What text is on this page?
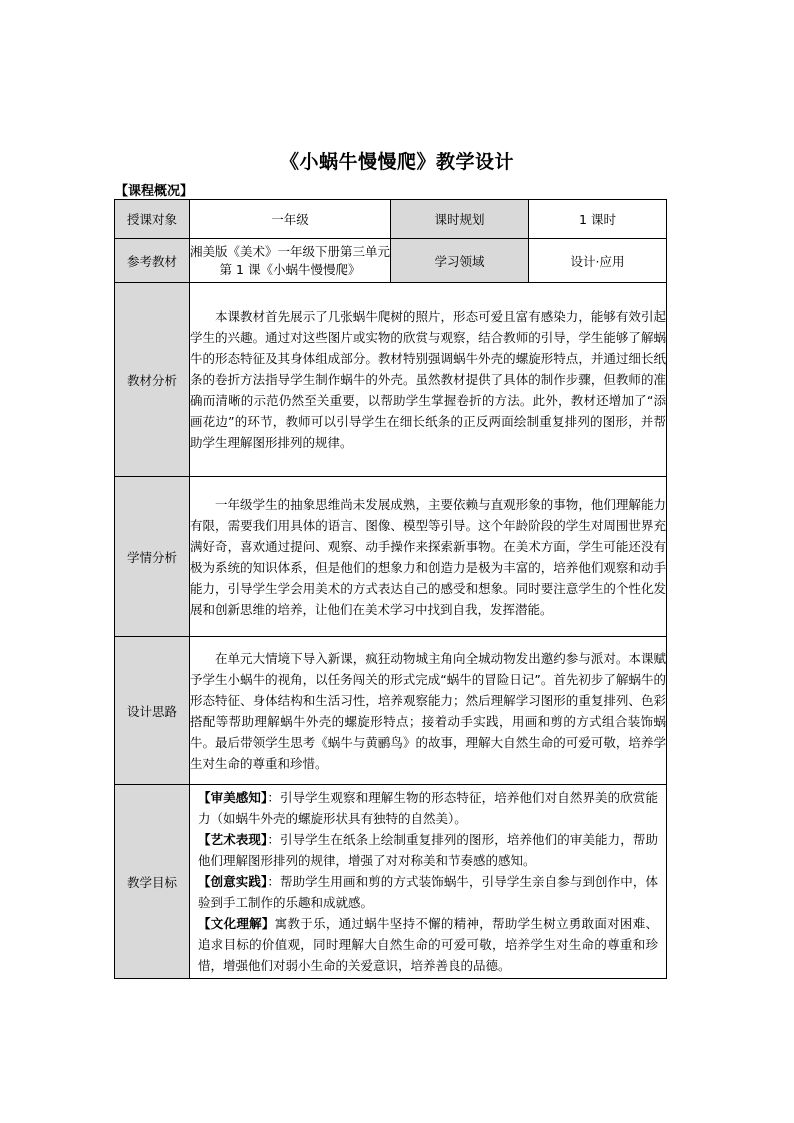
《小蜗牛慢慢爬》教学设计
【课程概况】
授课对象	一年级	课时规划	1 课时
参考教材	湘美版《美术》一年级下册第三单元第 1 课《小蜗牛慢慢爬》	学习领域	设计·应用
教材分析	本课教材首先展示了几张蜗牛爬树的照片，形态可爱且富有感染力，能够有效引起学生的兴趣。通过对这些图片或实物的欣赏与观察，结合教师的引导，学生能够了解蜗牛的形态特征及其身体组成部分。教材特别强调蜗牛外壳的螺旋形特点，并通过细长纸条的卷折方法指导学生制作蜗牛的外壳。虽然教材提供了具体的制作步骤，但教师的准确而清晰的示范仍然至关重要，以帮助学生掌握卷折的方法。此外，教材还增加了“添画花边”的环节，教师可以引导学生在细长纸条的正反两面绘制重复排列的图形，并帮助学生理解图形排列的规律。		

学情分析	一年级学生的抽象思维尚未发展成熟，主要依赖与直观形象的事物，他们理解能力有限，需要我们用具体的语言、图像、模型等引导。这个年龄阶段的学生对周围世界充满好奇，喜欢通过提问、观察、动手操作来探索新事物。在美术方面，学生可能还没有极为系统的知识体系，但是他们的想象力和创造力是极为丰富的，培养他们观察和动手能力，引导学生学会用美术的方式表达自己的感受和想象。同时要注意学生的个性化发展和创新思维的培养，让他们在美术学习中找到自我，发挥潜能。		

设计思路	在单元大情境下导入新课，疯狂动物城主角向全城动物发出邀约参与派对。本课赋予学生小蜗牛的视角，以任务闯关的形式完成“蜗牛的冒险日记”。首先初步了解蜗牛的形态特征、身体结构和生活习性，培养观察能力；然后理解学习图形的重复排列、色彩搭配等帮助理解蜗牛外壳的螺旋形特点；接着动手实践，用画和剪的方式组合装饰蜗牛。最后带领学生思考《蜗牛与黄鹂鸟》的故事，理解大自然生命的可爱可敬，培养学生对生命的尊重和珍惜。		

教学目标	【审美感知】：引导学生观察和理解生物的形态特征，培养他们对自然界美的欣赏能力（如蜗牛外壳的螺旋形状具有独特的自然美）。
【艺术表现】：引导学生在纸条上绘制重复排列的图形，培养他们的审美能力，帮助他们理解图形排列的规律，增强了对对称美和节奏感的感知。
【创意实践】：帮助学生用画和剪的方式装饰蜗牛，引导学生亲自参与到创作中，体验到手工制作的乐趣和成就感。
【文化理解】寓教于乐，通过蜗牛坚持不懈的精神，帮助学生树立勇敢面对困难、追求目标的价值观，同时理解大自然生命的可爱可敬，培养学生对生命的尊重和珍惜，增强他们对弱小生命的关爱意识，培养善良的品德。		
